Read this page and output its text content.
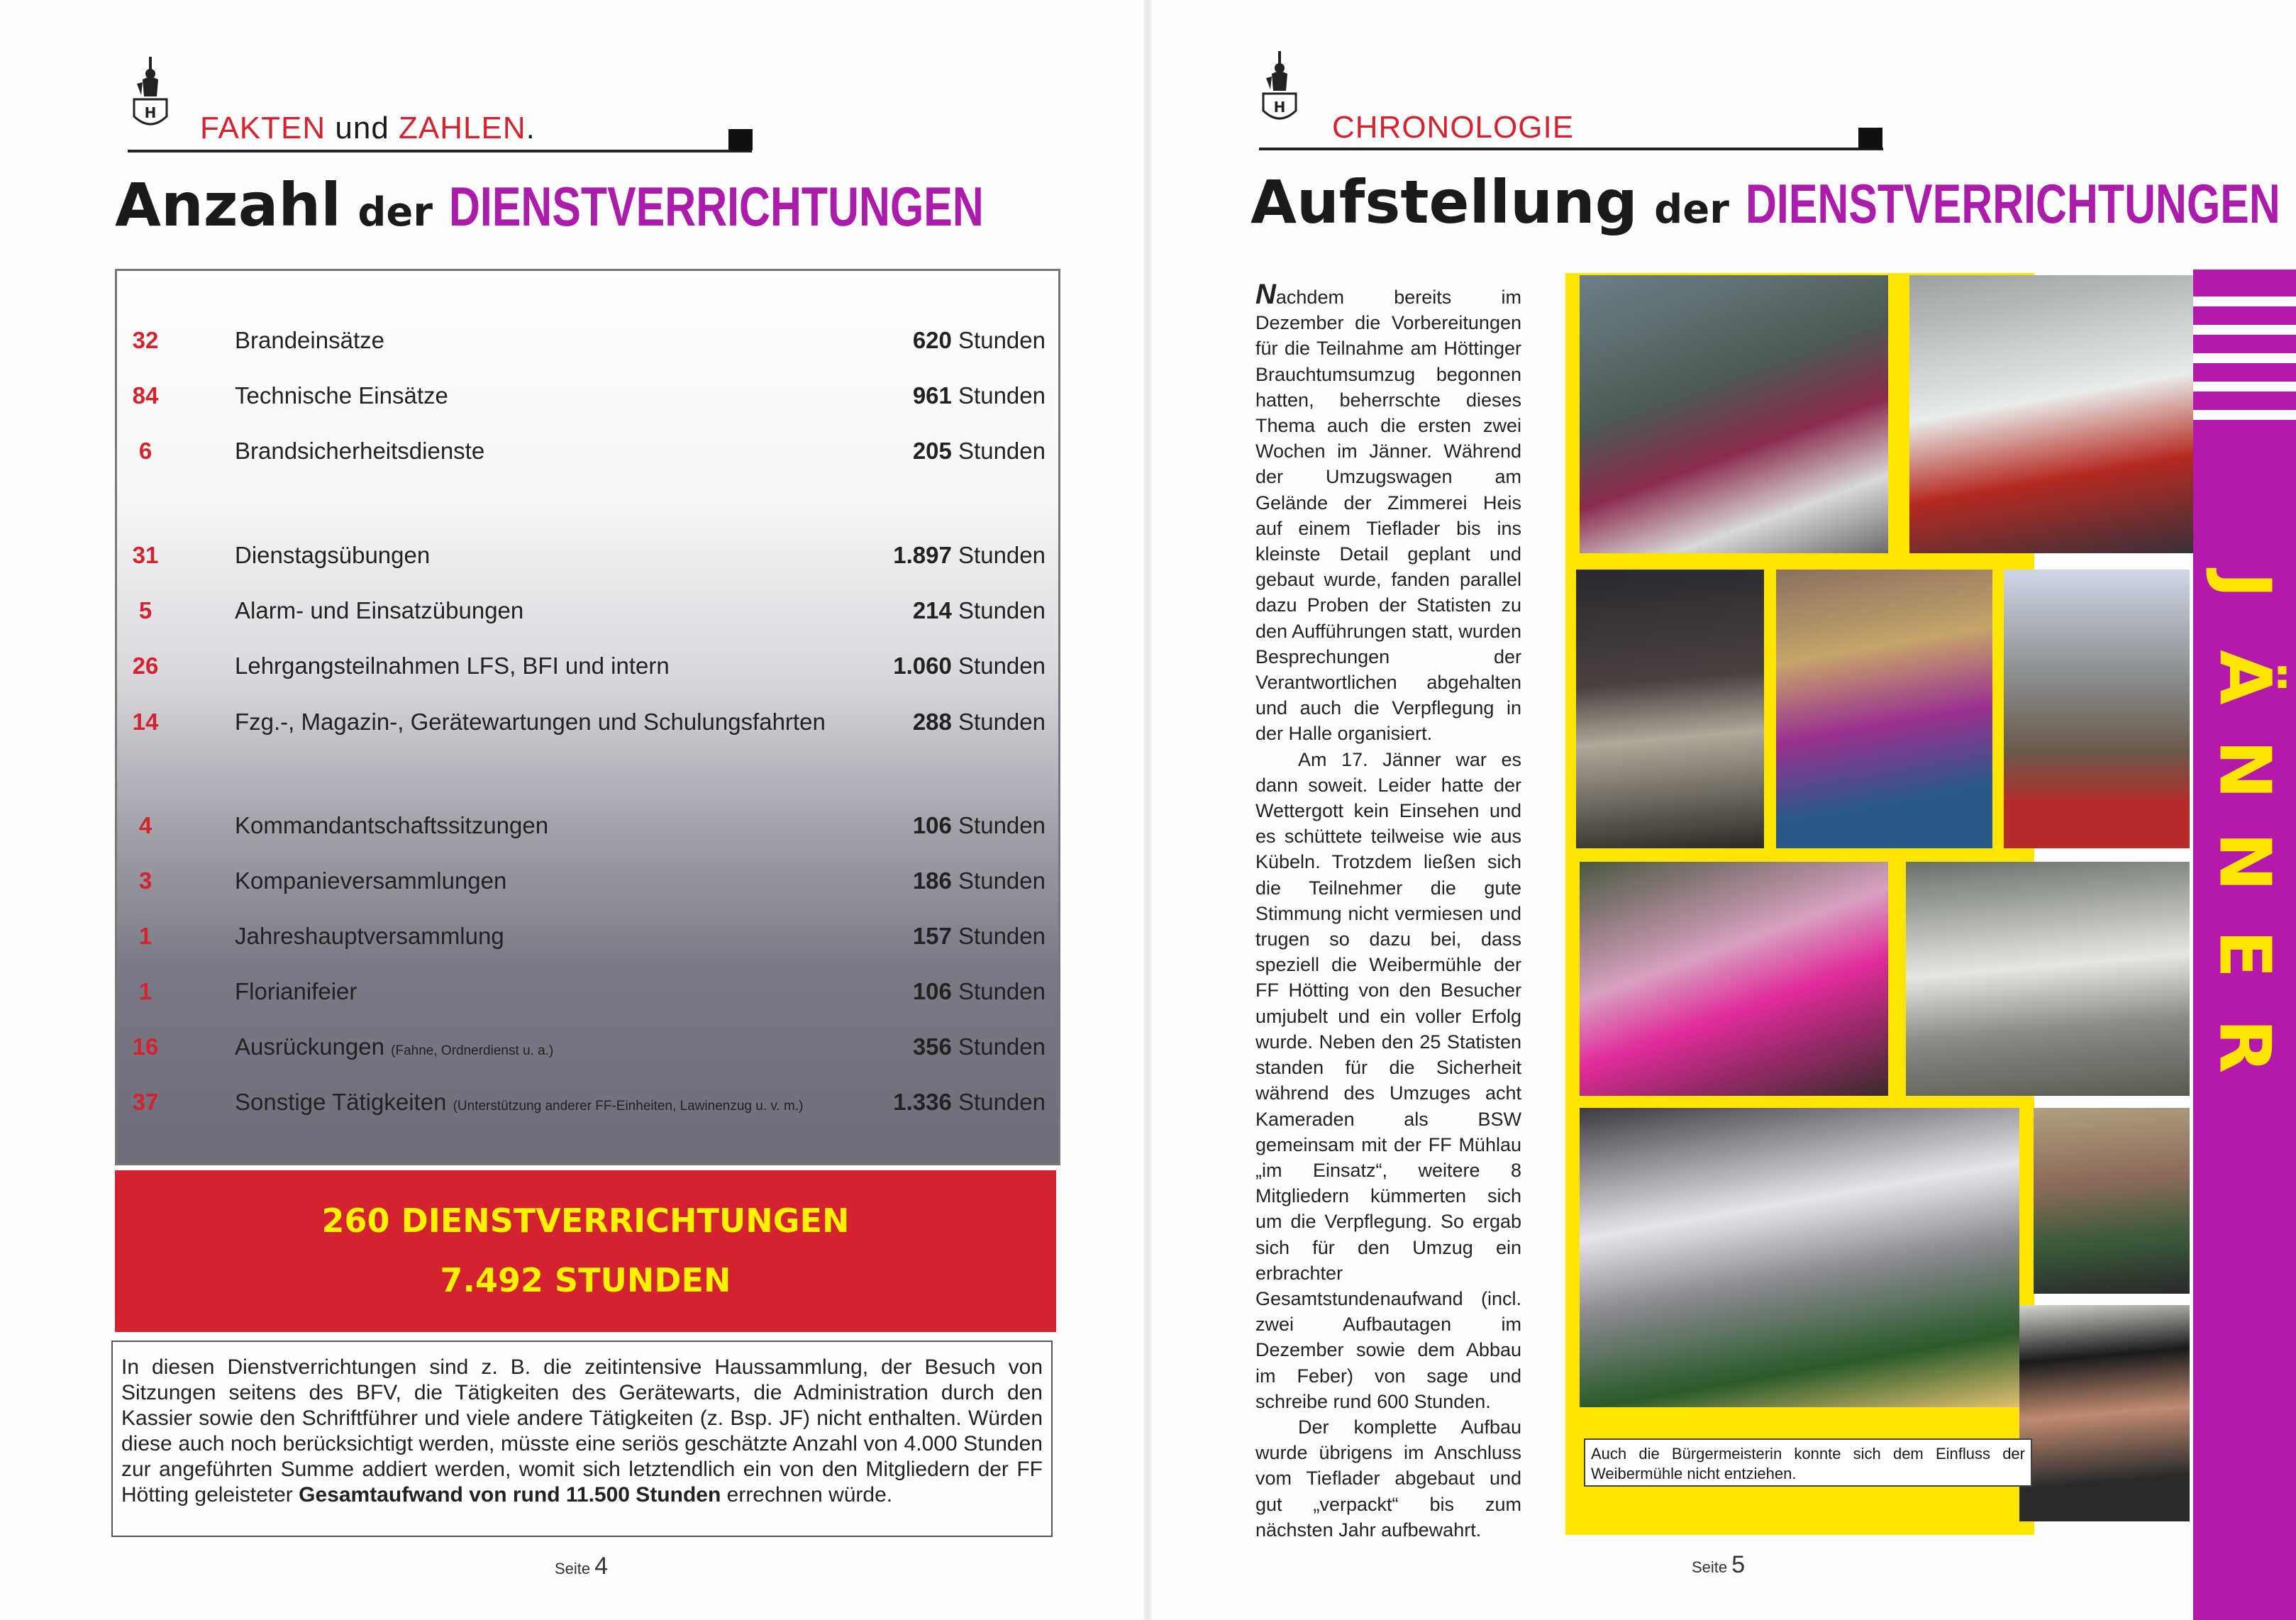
H FAKTEN und ZAHLEN.
Anzahl der DIENSTVERRICHTUNGEN
32	Brandeinsätze	620 Stunden
84	Technische Einsätze	961 Stunden
6	Brandsicherheitsdienste	205 Stunden
31	Dienstagsübungen	1.897 Stunden
5	Alarm- und Einsatzübungen	214 Stunden
26	Lehrgangsteilnahmen LFS, BFI und intern	1.060 Stunden
14	Fzg.-, Magazin-, Gerätewartungen und Schulungsfahrten	288 Stunden
4	Kommandantschaftssitzungen	106 Stunden
3	Kompanieversammlungen	186 Stunden
1	Jahreshauptversammlung	157 Stunden
1	Florianifeier	106 Stunden
16	Ausrückungen (Fahne, Ordnerdienst u. a.)	356 Stunden
37	Sonstige Tätigkeiten (Unterstützung anderer FF-Einheiten, Lawinenzug u. v. m.)	1.336 Stunden
260 DIENSTVERRICHTUNGEN
7.492 STUNDEN
In diesen Dienstverrichtungen sind z. B. die zeitintensive Haussammlung, der Besuch von Sitzungen seitens des BFV, die Tätigkeiten des Gerätewarts, die Administration durch den Kassier sowie den Schriftführer und viele andere Tätigkeiten (z. Bsp. JF) nicht enthalten. Würden diese auch noch berücksichtigt werden, müsste eine seriös geschätzte Anzahl von 4.000 Stunden zur angeführten Summe addiert werden, womit sich letztendlich ein von den Mitgliedern der FF Hötting geleisteter Gesamtaufwand von rund 11.500 Stunden errechnen würde.
Seite 4
H
CHRONOLOGIE
Aufstellung der DIENSTVERRICHTUNGEN

Nachdem bereits im Dezember die Vorbereitungen für die Teilnahme am Höttinger Brauchtumsumzug begonnen hatten, beherrschte dieses Thema auch die ersten zwei Wochen im Jänner. Während der Umzugswagen am Gelände der Zimmerei Heis auf einem Tieflader bis ins kleinste Detail geplant und gebaut wurde, fanden parallel dazu Proben der Statisten zu den Aufführungen statt, wurden Besprechungen der Verantwortlichen abgehalten und auch die Verpflegung in der Halle organisiert.

Am 17. Jänner war es dann soweit. Leider hatte der Wettergott kein Einsehen und es schüttete teilweise wie aus Kübeln. Trotzdem ließen sich die Teilnehmer die gute Stimmung nicht vermiesen und trugen so dazu bei, dass speziell die Weibermühle der FF Hötting von den Besucher umjubelt und ein voller Erfolg wurde. Neben den 25 Statisten standen für die Sicherheit während des Umzuges acht Kameraden als BSW gemeinsam mit der FF Mühlau „im Einsatz“, weitere 8 Mitgliedern kümmerten sich um die Verpflegung. So ergab sich für den Umzug ein erbrachter Gesamtstundenaufwand (incl. zwei Aufbautagen im Dezember sowie dem Abbau im Feber) von sage und schreibe rund 600 Stunden.

Der komplette Aufbau wurde übrigens im Anschluss vom Tieflader abgebaut und gut „verpackt“ bis zum nächsten Jahr aufbewahrt.

Auch die Bürgermeisterin konnte sich dem Einfluss der Weibermühle nicht entziehen.
J
Ä
N
N
E
R
Seite 5
